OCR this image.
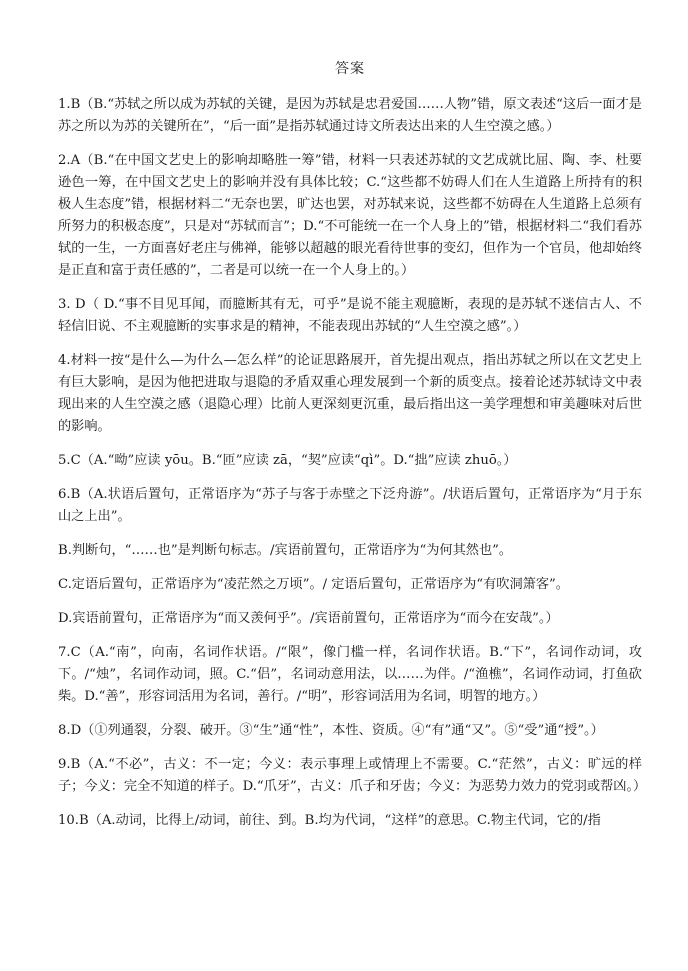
答案

1.B（B.“苏轼之所以成为苏轼的关键，是因为苏轼是忠君爱国……人物”错，原文表述“这后一面才是苏之所以为苏的关键所在”，“后一面”是指苏轼通过诗文所表达出来的人生空漠之感。）

2.A（B.“在中国文艺史上的影响却略胜一筹”错，材料一只表述苏轼的文艺成就比屈、陶、李、杜要逊色一筹，在中国文艺史上的影响并没有具体比较；C.“这些都不妨碍人们在人生道路上所持有的积极人生态度”错，根据材料二“无奈也罢，旷达也罢，对苏轼来说，这些都不妨碍在人生道路上总须有所努力的积极态度”，只是对“苏轼而言”；D.“不可能统一在一个人身上的”错，根据材料二“我们看苏轼的一生，一方面喜好老庄与佛禅，能够以超越的眼光看待世事的变幻，但作为一个官员，他却始终是正直和富于责任感的”，二者是可以统一在一个人身上的。）

3. D（ D.“事不目见耳闻，而臆断其有无，可乎”是说不能主观臆断，表现的是苏轼不迷信古人、不轻信旧说、不主观臆断的实事求是的精神，不能表现出苏轼的“人生空漠之感”。）

4.材料一按“是什么—为什么—怎么样”的论证思路展开，首先提出观点，指出苏轼之所以在文艺史上有巨大影响，是因为他把进取与退隐的矛盾双重心理发展到一个新的质变点。接着论述苏轼诗文中表现出来的人生空漠之感（退隐心理）比前人更深刻更沉重，最后指出这一美学理想和审美趣味对后世的影响。

5.C（A.“呦”应读 yōu。B.“匝”应读 zā，“契”应读“qì”。D.“拙”应读 zhuō。）

6.B（A.状语后置句，正常语序为“苏子与客于赤壁之下泛舟游”。/状语后置句，正常语序为“月于东山之上出”。

B.判断句，“……也”是判断句标志。/宾语前置句，正常语序为“为何其然也”。

C.定语后置句，正常语序为“凌茫然之万顷”。/ 定语后置句，正常语序为“有吹洞箫客”。

D.宾语前置句，正常语序为“而又羡何乎”。/宾语前置句，正常语序为“而今在安哉”。）

7.C（A.“南”，向南，名词作状语。/“限”，像门槛一样，名词作状语。B.“下”，名词作动词，攻下。/“烛”，名词作动词，照。C.“侣”，名词动意用法，以……为伴。/“渔樵”，名词作动词，打鱼砍柴。D.“善”，形容词活用为名词，善行。/“明”，形容词活用为名词，明智的地方。）

8.D（①列通裂，分裂、破开。③“生”通“性”，本性、资质。④“有”通“又”。⑤“受”通“授”。）

9.B（A.“不必”，古义：不一定；今义：表示事理上或情理上不需要。C.“茫然”，古义：旷远的样子；今义：完全不知道的样子。D.“爪牙”，古义：爪子和牙齿；今义：为恶势力效力的党羽或帮凶。）

10.B（A.动词，比得上/动词，前往、到。B.均为代词，“这样”的意思。C.物主代词，它的/指
